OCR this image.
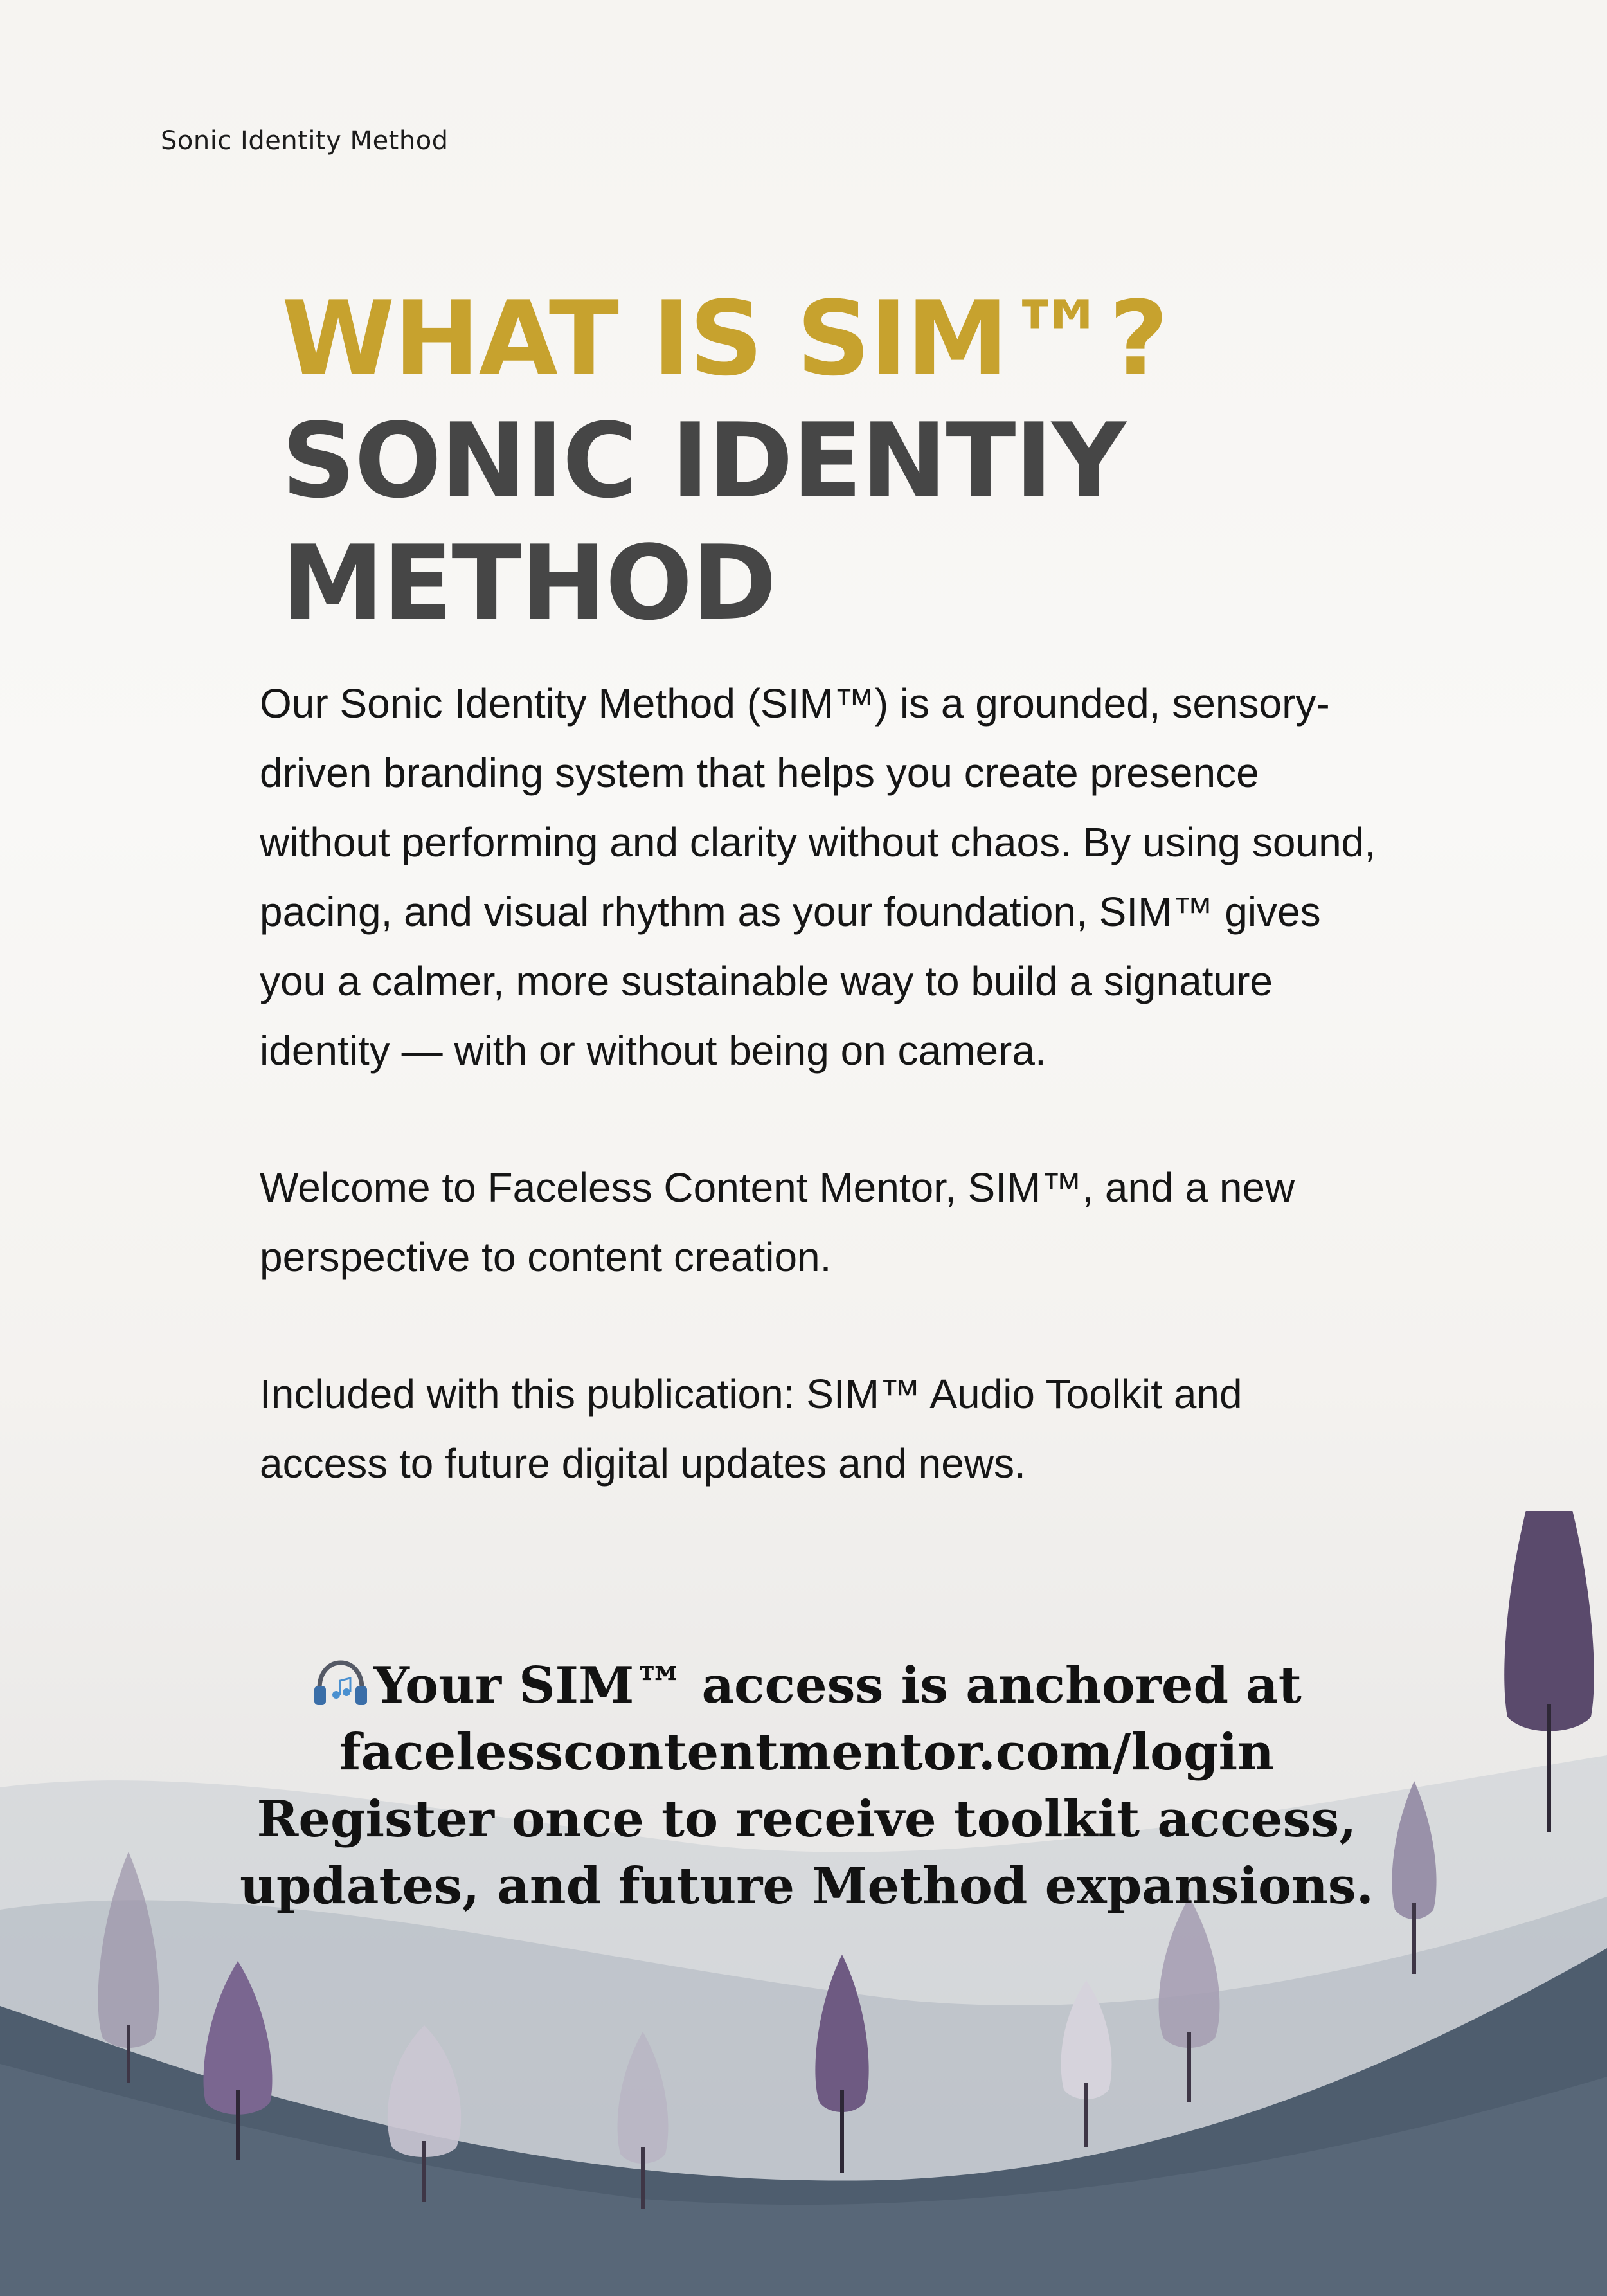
Sonic Identity Method
WHAT IS SIM™?
SONIC IDENTIY
METHOD

Our Sonic Identity Method (SIM™) is a grounded, sensory-driven branding system that helps you create presence without performing and clarity without chaos. By using sound, pacing, and visual rhythm as your foundation, SIM™ gives you a calmer, more sustainable way to build a signature identity — with or without being on camera.

Welcome to Faceless Content Mentor, SIM™, and a new perspective to content creation.

Included with this publication: SIM™ Audio Toolkit and access to future digital updates and news.

Your SIM™ access is anchored at
facelesscontentmentor.com/login
Register once to receive toolkit access,
updates, and future Method expansions.
